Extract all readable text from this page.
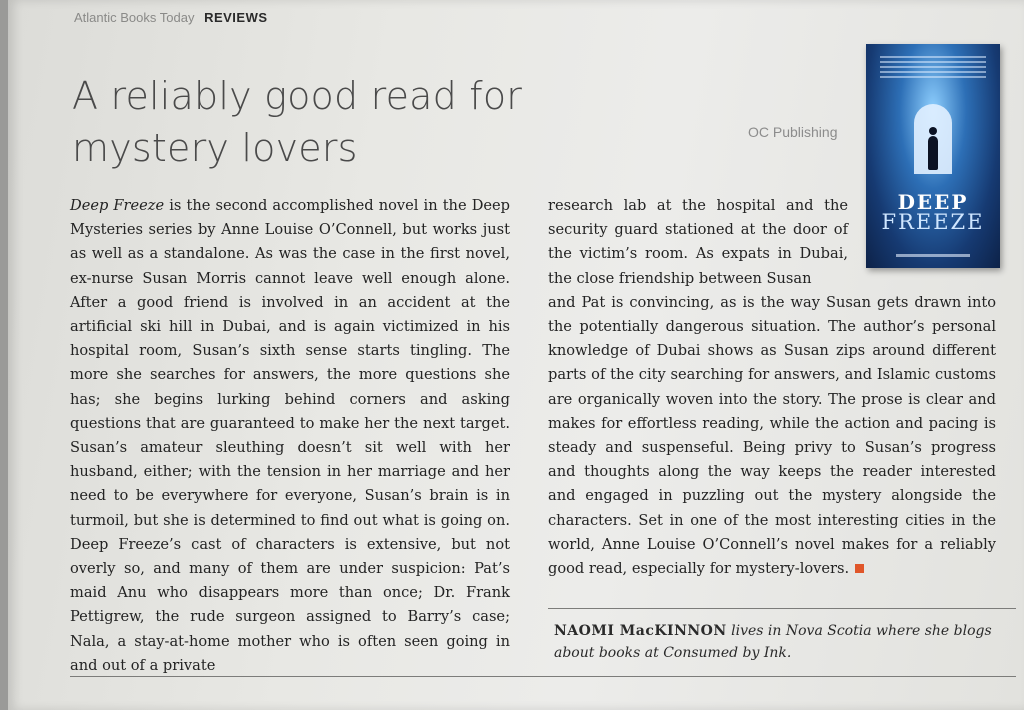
Atlantic Books Today REVIEWS
A reliably good read for mystery lovers	OC Publishing
DEEP
FREEZE

Deep Freeze is the second accomplished novel in the Deep Mysteries series by Anne Louise O’Connell, but works just as well as a standalone. As was the case in the first novel, ex-nurse Susan Morris cannot leave well enough alone. After a good friend is involved in an accident at the artificial ski hill in Dubai, and is again victimized in his hospital room, Susan’s sixth sense starts tingling. The more she searches for answers, the more questions she has; she begins lurking behind corners and asking questions that are guaranteed to make her the next target. Susan’s amateur sleuthing doesn’t sit well with her husband, either; with the tension in her marriage and her need to be everywhere for everyone, Susan’s brain is in turmoil, but she is determined to find out what is going on. Deep Freeze’s cast of characters is extensive, but not overly so, and many of them are under suspicion: Pat’s maid Anu who disappears more than once; Dr. Frank Pettigrew, the rude surgeon assigned to Barry’s case; Nala, a stay-at-home mother who is often seen going in and out of a private

research lab at the hospital and the security guard stationed at the door of the victim’s room. As expats in Dubai, the close friendship between Susan

and Pat is convincing, as is the way Susan gets drawn into the potentially dangerous situation. The author’s personal knowledge of Dubai shows as Susan zips around different parts of the city searching for answers, and Islamic customs are organically woven into the story. The prose is clear and makes for effortless reading, while the action and pacing is steady and suspenseful. Being privy to Susan’s progress and thoughts along the way keeps the reader interested and engaged in puzzling out the mystery alongside the characters. Set in one of the most interesting cities in the world, Anne Louise O’Connell’s novel makes for a reliably good read, especially for mystery-lovers.

NAOMI MacKINNON lives in Nova Scotia where she blogs about books at Consumed by Ink.
